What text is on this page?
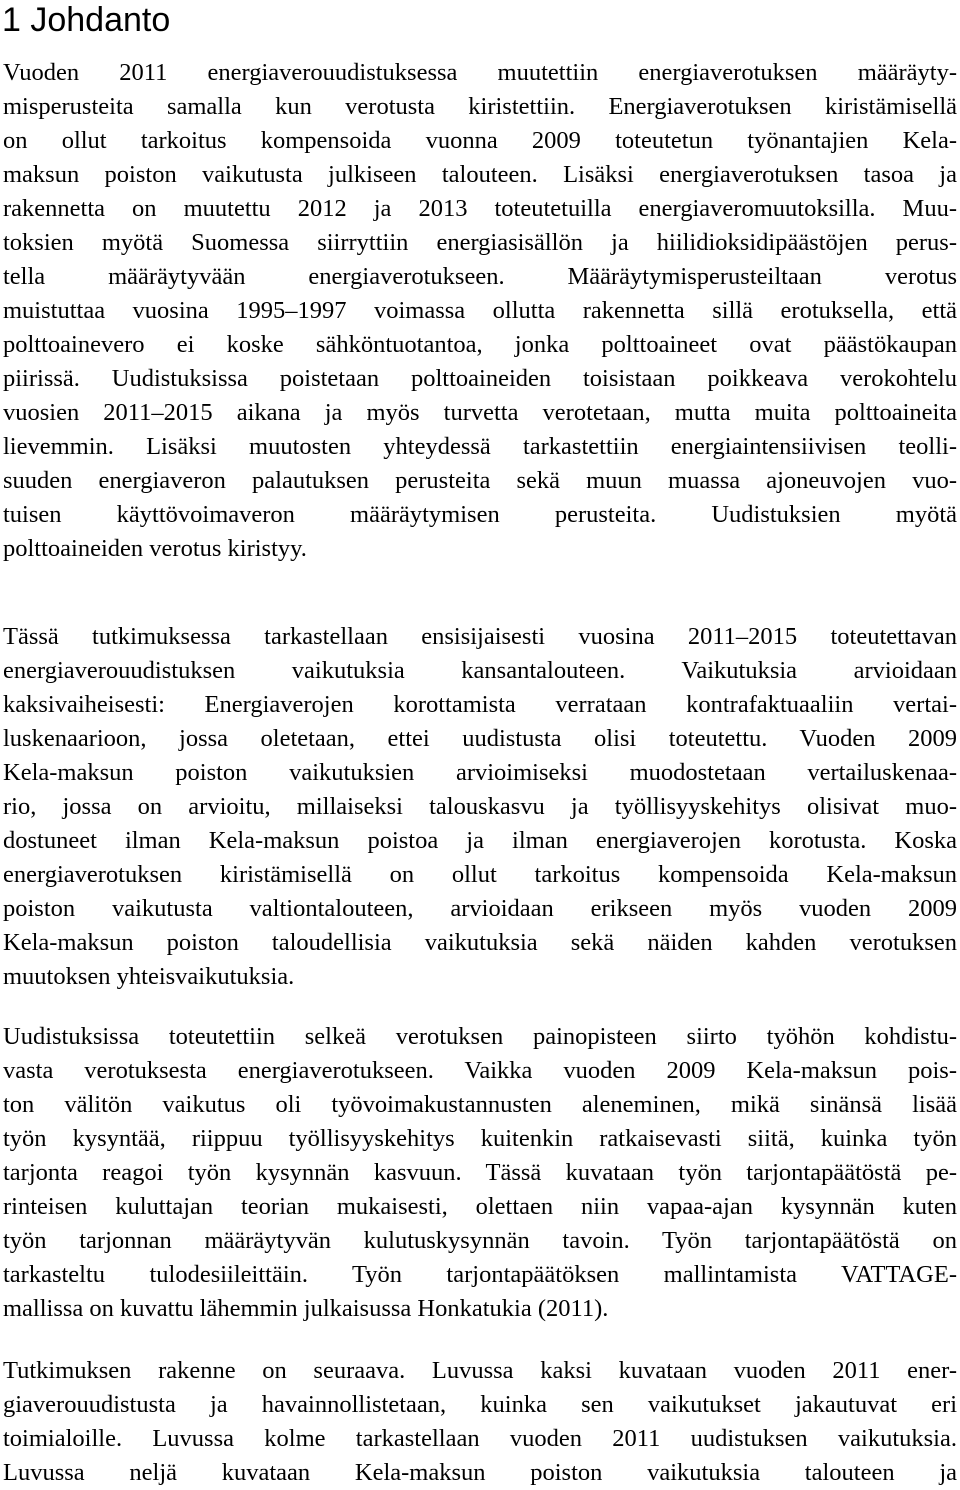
1 Johdanto
Vuoden 2011 energiaverouudistuksessa muutettiin energiaverotuksen määräyty-
misperusteita samalla kun verotusta kiristettiin. Energiaverotuksen kiristämisellä
on ollut tarkoitus kompensoida vuonna 2009 toteutetun työnantajien Kela-
maksun poiston vaikutusta julkiseen talouteen. Lisäksi energiaverotuksen tasoa ja
rakennetta on muutettu 2012 ja 2013 toteutetuilla energiaveromuutoksilla. Muu-
toksien myötä Suomessa siirryttiin energiasisällön ja hiilidioksidipäästöjen perus-
tella määräytyvään energiaverotukseen. Määräytymisperusteiltaan verotus
muistuttaa vuosina 1995–1997 voimassa ollutta rakennetta sillä erotuksella, että
polttoainevero ei koske sähköntuotantoa, jonka polttoaineet ovat päästökaupan
piirissä. Uudistuksissa poistetaan polttoaineiden toisistaan poikkeava verokohtelu
vuosien 2011–2015 aikana ja myös turvetta verotetaan, mutta muita polttoaineita
lievemmin. Lisäksi muutosten yhteydessä tarkastettiin energiaintensiivisen teolli-
suuden energiaveron palautuksen perusteita sekä muun muassa ajoneuvojen vuo-
tuisen käyttövoimaveron määräytymisen perusteita. Uudistuksien myötä
polttoaineiden verotus kiristyy.
Tässä tutkimuksessa tarkastellaan ensisijaisesti vuosina 2011–2015 toteutettavan
energiaverouudistuksen vaikutuksia kansantalouteen. Vaikutuksia arvioidaan
kaksivaiheisesti: Energiaverojen korottamista verrataan kontrafaktuaaliin vertai-
luskenaarioon, jossa oletetaan, ettei uudistusta olisi toteutettu. Vuoden 2009
Kela-maksun poiston vaikutuksien arvioimiseksi muodostetaan vertailuskenaa-
rio, jossa on arvioitu, millaiseksi talouskasvu ja työllisyyskehitys olisivat muo-
dostuneet ilman Kela-maksun poistoa ja ilman energiaverojen korotusta. Koska
energiaverotuksen kiristämisellä on ollut tarkoitus kompensoida Kela-maksun
poiston vaikutusta valtiontalouteen, arvioidaan erikseen myös vuoden 2009
Kela-maksun poiston taloudellisia vaikutuksia sekä näiden kahden verotuksen
muutoksen yhteisvaikutuksia.
Uudistuksissa toteutettiin selkeä verotuksen painopisteen siirto työhön kohdistu-
vasta verotuksesta energiaverotukseen. Vaikka vuoden 2009 Kela-maksun pois-
ton välitön vaikutus oli työvoimakustannusten aleneminen, mikä sinänsä lisää
työn kysyntää, riippuu työllisyyskehitys kuitenkin ratkaisevasti siitä, kuinka työn
tarjonta reagoi työn kysynnän kasvuun. Tässä kuvataan työn tarjontapäätöstä pe-
rinteisen kuluttajan teorian mukaisesti, olettaen niin vapaa-ajan kysynnän kuten
työn tarjonnan määräytyvän kulutuskysynnän tavoin. Työn tarjontapäätöstä on
tarkasteltu tulodesiileittäin. Työn tarjontapäätöksen mallintamista VATTAGE-
mallissa on kuvattu lähemmin julkaisussa Honkatukia (2011).
Tutkimuksen rakenne on seuraava. Luvussa kaksi kuvataan vuoden 2011 ener-
giaverouudistusta ja havainnollistetaan, kuinka sen vaikutukset jakautuvat eri
toimialoille. Luvussa kolme tarkastellaan vuoden 2011 uudistuksen vaikutuksia.
Luvussa neljä kuvataan Kela-maksun poiston vaikutuksia talouteen ja
